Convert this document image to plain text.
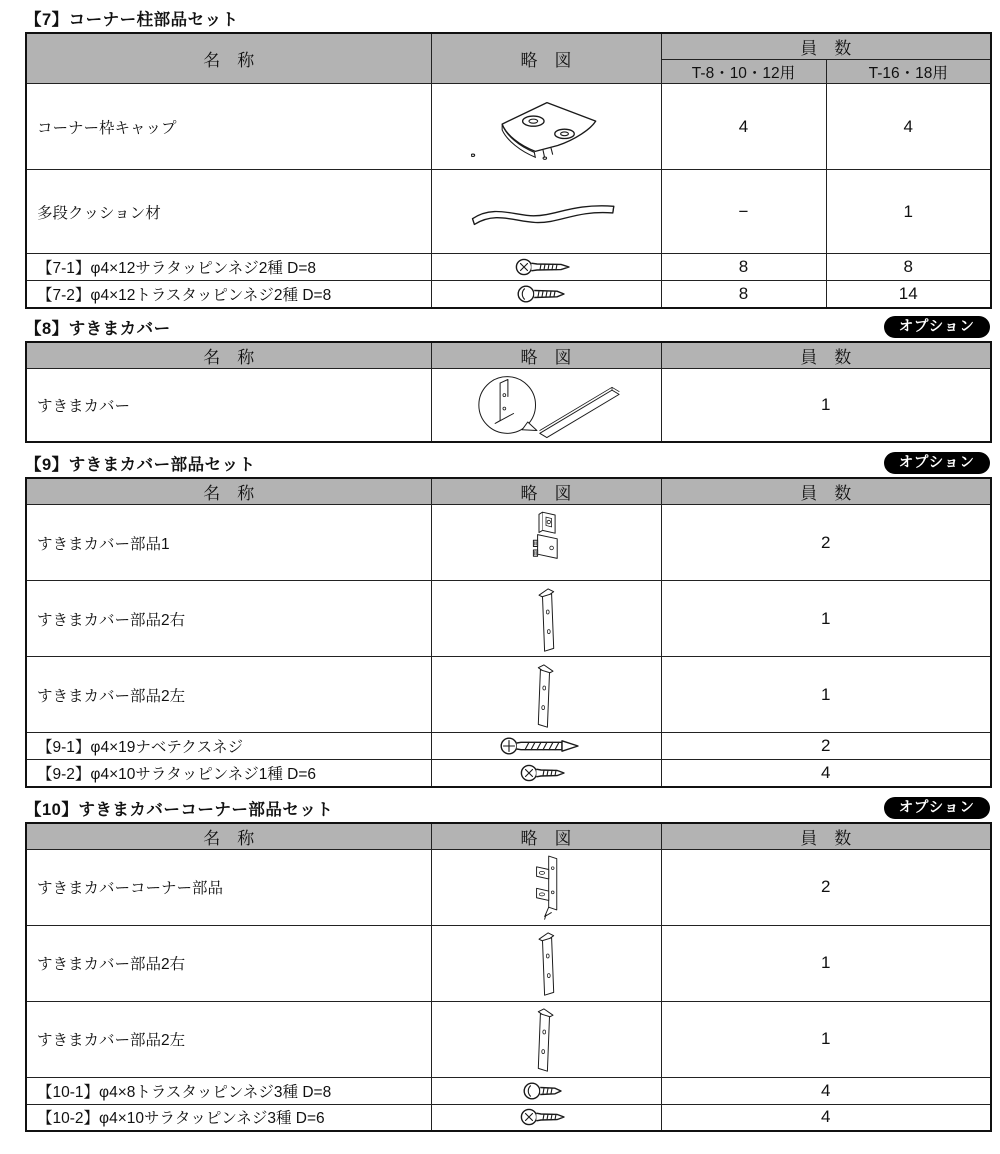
【7】コーナー柱部品セット
名　称	略　図	員　数	
		T-8・10・12用	T-16・18用
コーナー枠キャップ		4	4
多段クッション材		−	1
【7-1】φ4×12サラタッピンネジ2種 D=8		8	8
【7-2】φ4×12トラスタッピンネジ2種 D=8		8	14
【8】すきまカバー	オプション
名　称	略　図	員　数
すきまカバー		1
【9】すきまカバー部品セット	オプション
名　称	略　図	員　数
すきまカバー部品1		2
すきまカバー部品2右		1
すきまカバー部品2左		1
【9-1】φ4×19ナベテクスネジ		2
【9-2】φ4×10サラタッピンネジ1種 D=6		4
【10】すきまカバーコーナー部品セット	オプション
名　称	略　図	員　数
すきまカバーコーナー部品		2
すきまカバー部品2右		1
すきまカバー部品2左		1
【10-1】φ4×8トラスタッピンネジ3種 D=8		4
【10-2】φ4×10サラタッピンネジ3種 D=6		4
